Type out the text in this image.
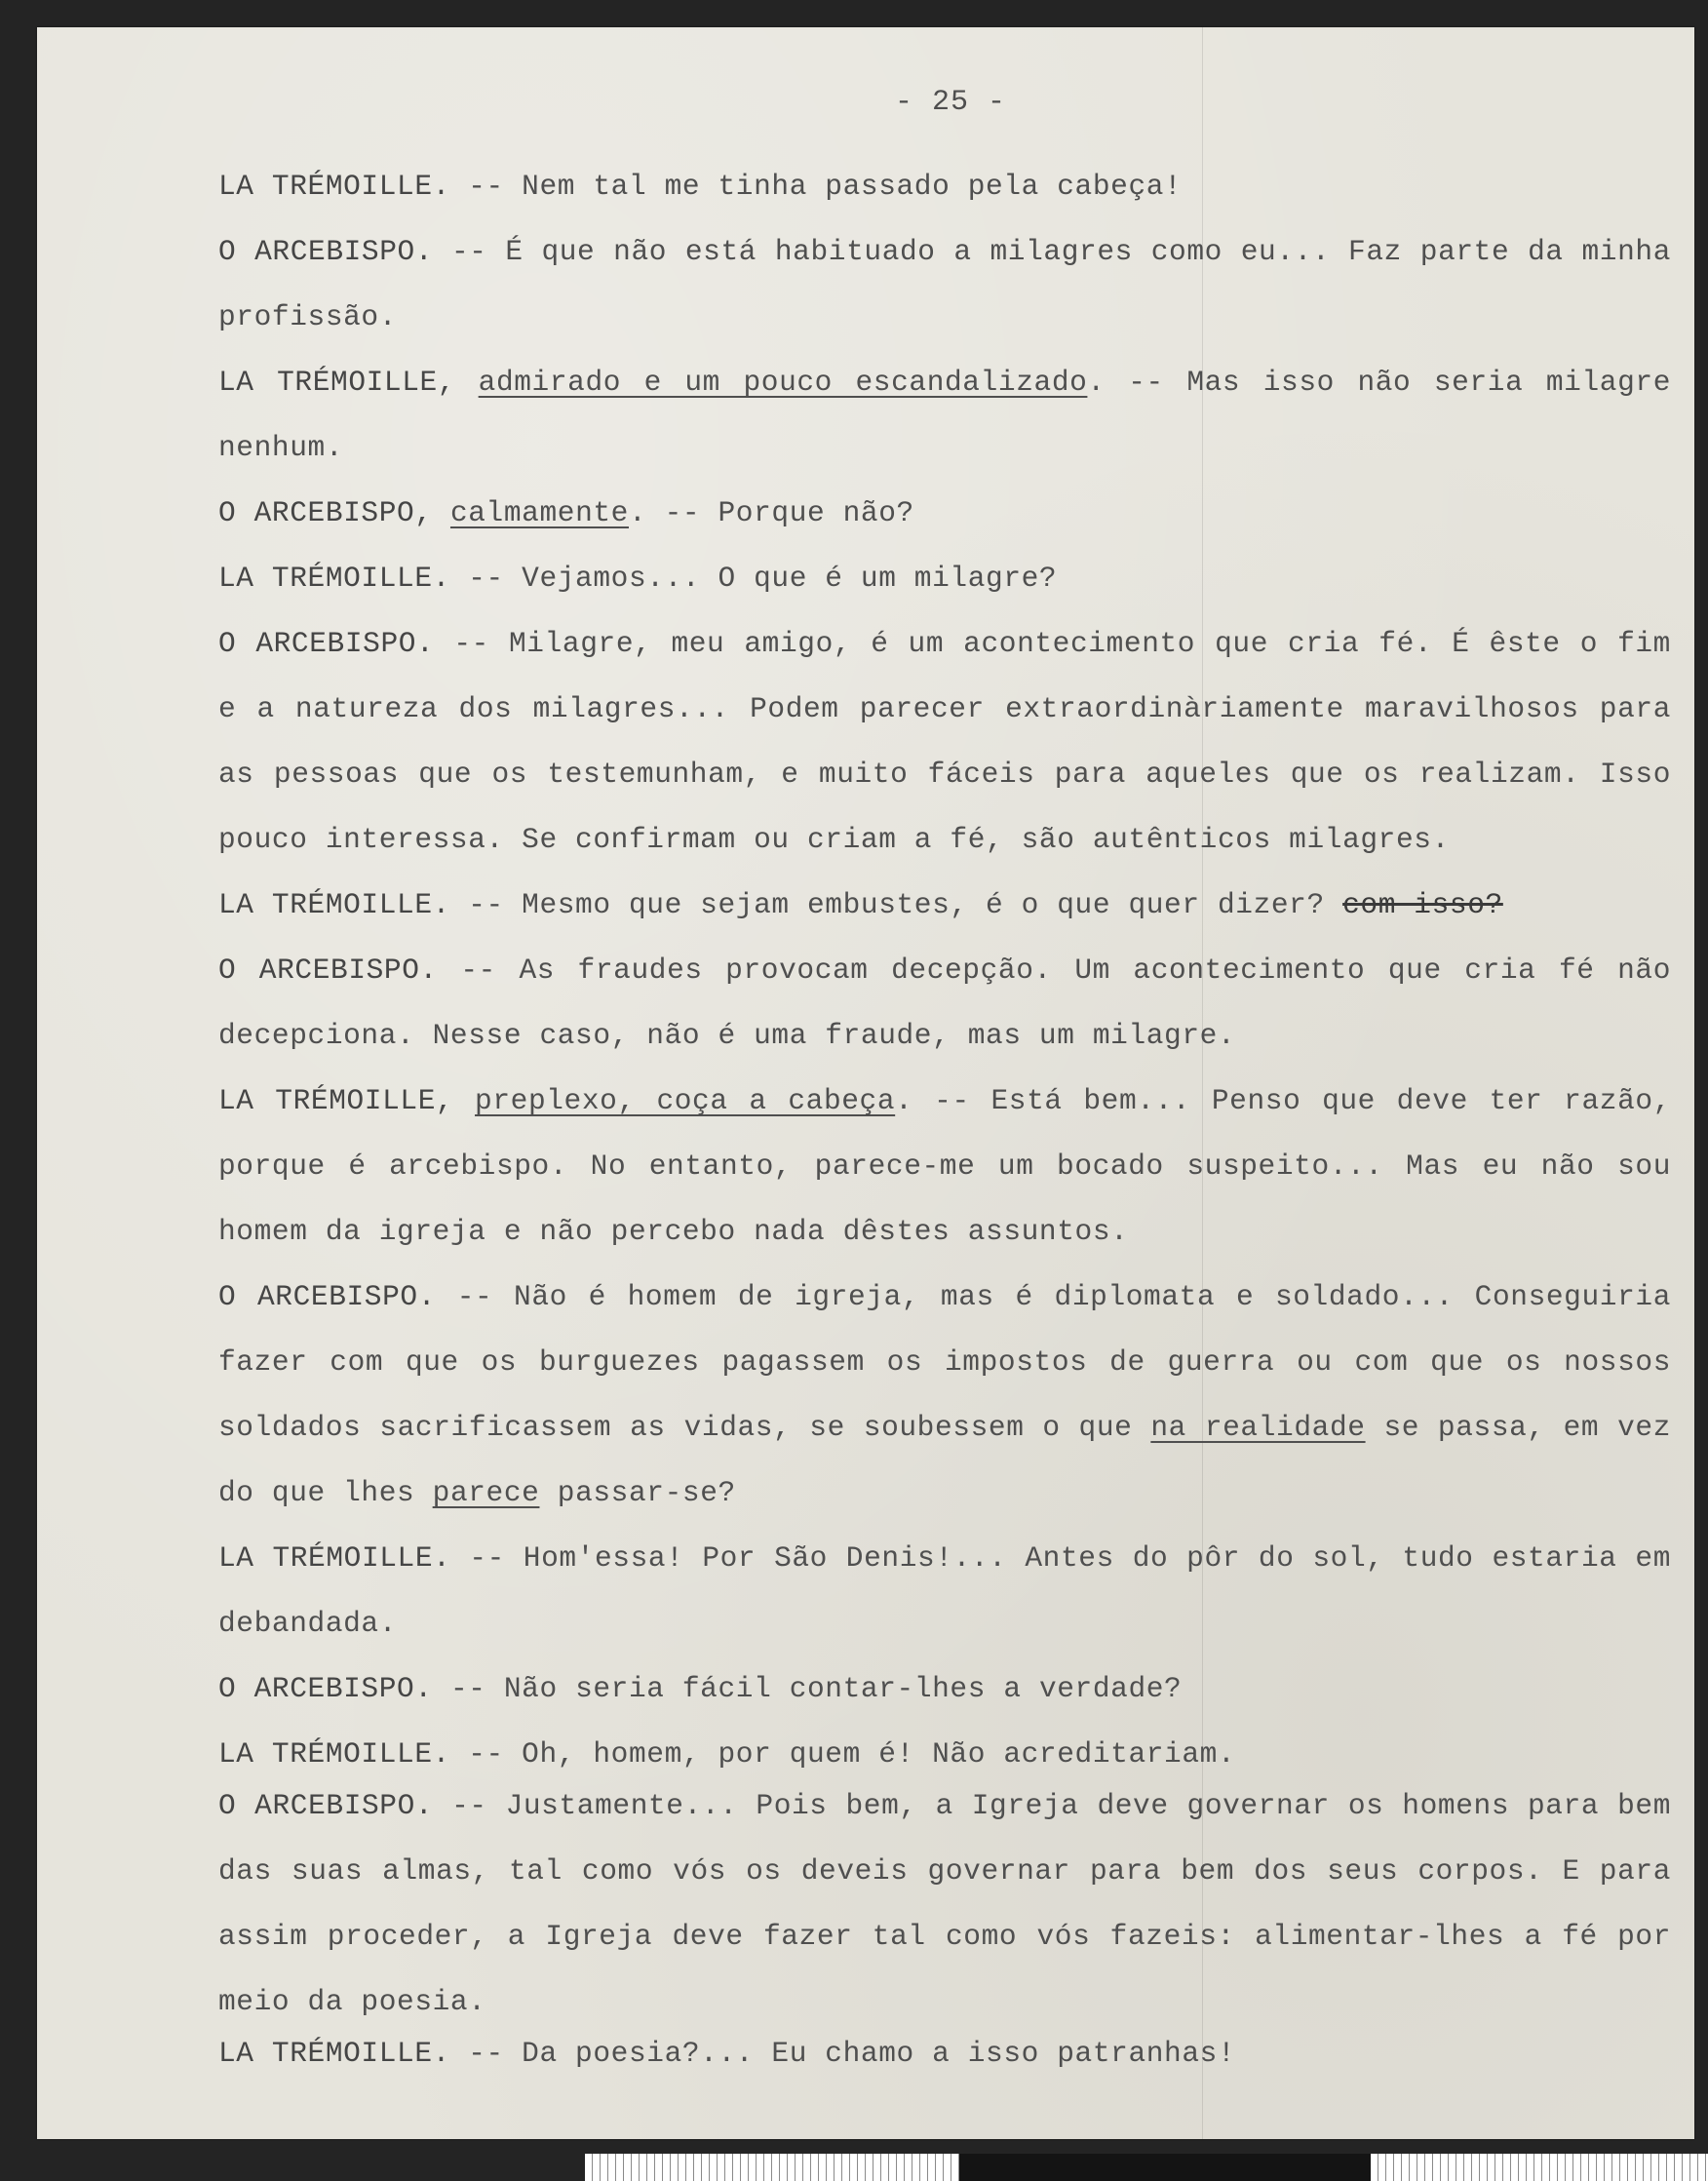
- 25 -

LA TRÉMOILLE. -- Nem tal me tinha passado pela cabeça!

O ARCEBISPO. -- É que não está habituado a milagres como eu... Faz parte da minha profissão.

LA TRÉMOILLE, admirado e um pouco escandalizado. -- Mas isso não seria milagre nenhum.

O ARCEBISPO, calmamente. -- Porque não?

LA TRÉMOILLE. -- Vejamos... O que é um milagre?

O ARCEBISPO. -- Milagre, meu amigo, é um acontecimento que cria fé. É êste o fim e a natureza dos milagres... Podem parecer extraordinàriamente maravilhosos para as pessoas que os testemunham, e muito fáceis para aqueles que os realizam. Isso pouco interessa. Se confirmam ou criam a fé, são autênticos milagres.

LA TRÉMOILLE. -- Mesmo que sejam embustes, é o que quer dizer? com isso?

O ARCEBISPO. -- As fraudes provocam decepção. Um acontecimento que cria fé não decepciona. Nesse caso, não é uma fraude, mas um milagre.

LA TRÉMOILLE, preplexo, coça a cabeça. -- Está bem... Penso que deve ter razão, porque é arcebispo. No entanto, parece-me um bocado suspeito... Mas eu não sou homem da igreja e não percebo nada dêstes assuntos.

O ARCEBISPO. -- Não é homem de igreja, mas é diplomata e soldado... Conseguiria fazer com que os burguezes pagassem os impostos de guerra ou com que os nossos soldados sacrificassem as vidas, se soubessem o que na realidade se passa, em vez do que lhes parece passar-se?

LA TRÉMOILLE. -- Hom'essa! Por São Denis!... Antes do pôr do sol, tudo estaria em debandada.

O ARCEBISPO. -- Não seria fácil contar-lhes a verdade?

LA TRÉMOILLE. -- Oh, homem, por quem é! Não acreditariam.

O ARCEBISPO. -- Justamente... Pois bem, a Igreja deve governar os homens para bem das suas almas, tal como vós os deveis governar para bem dos seus corpos. E para assim proceder, a Igreja deve fazer tal como vós fazeis: alimentar-lhes a fé por meio da poesia.

LA TRÉMOILLE. -- Da poesia?... Eu chamo a isso patranhas!
